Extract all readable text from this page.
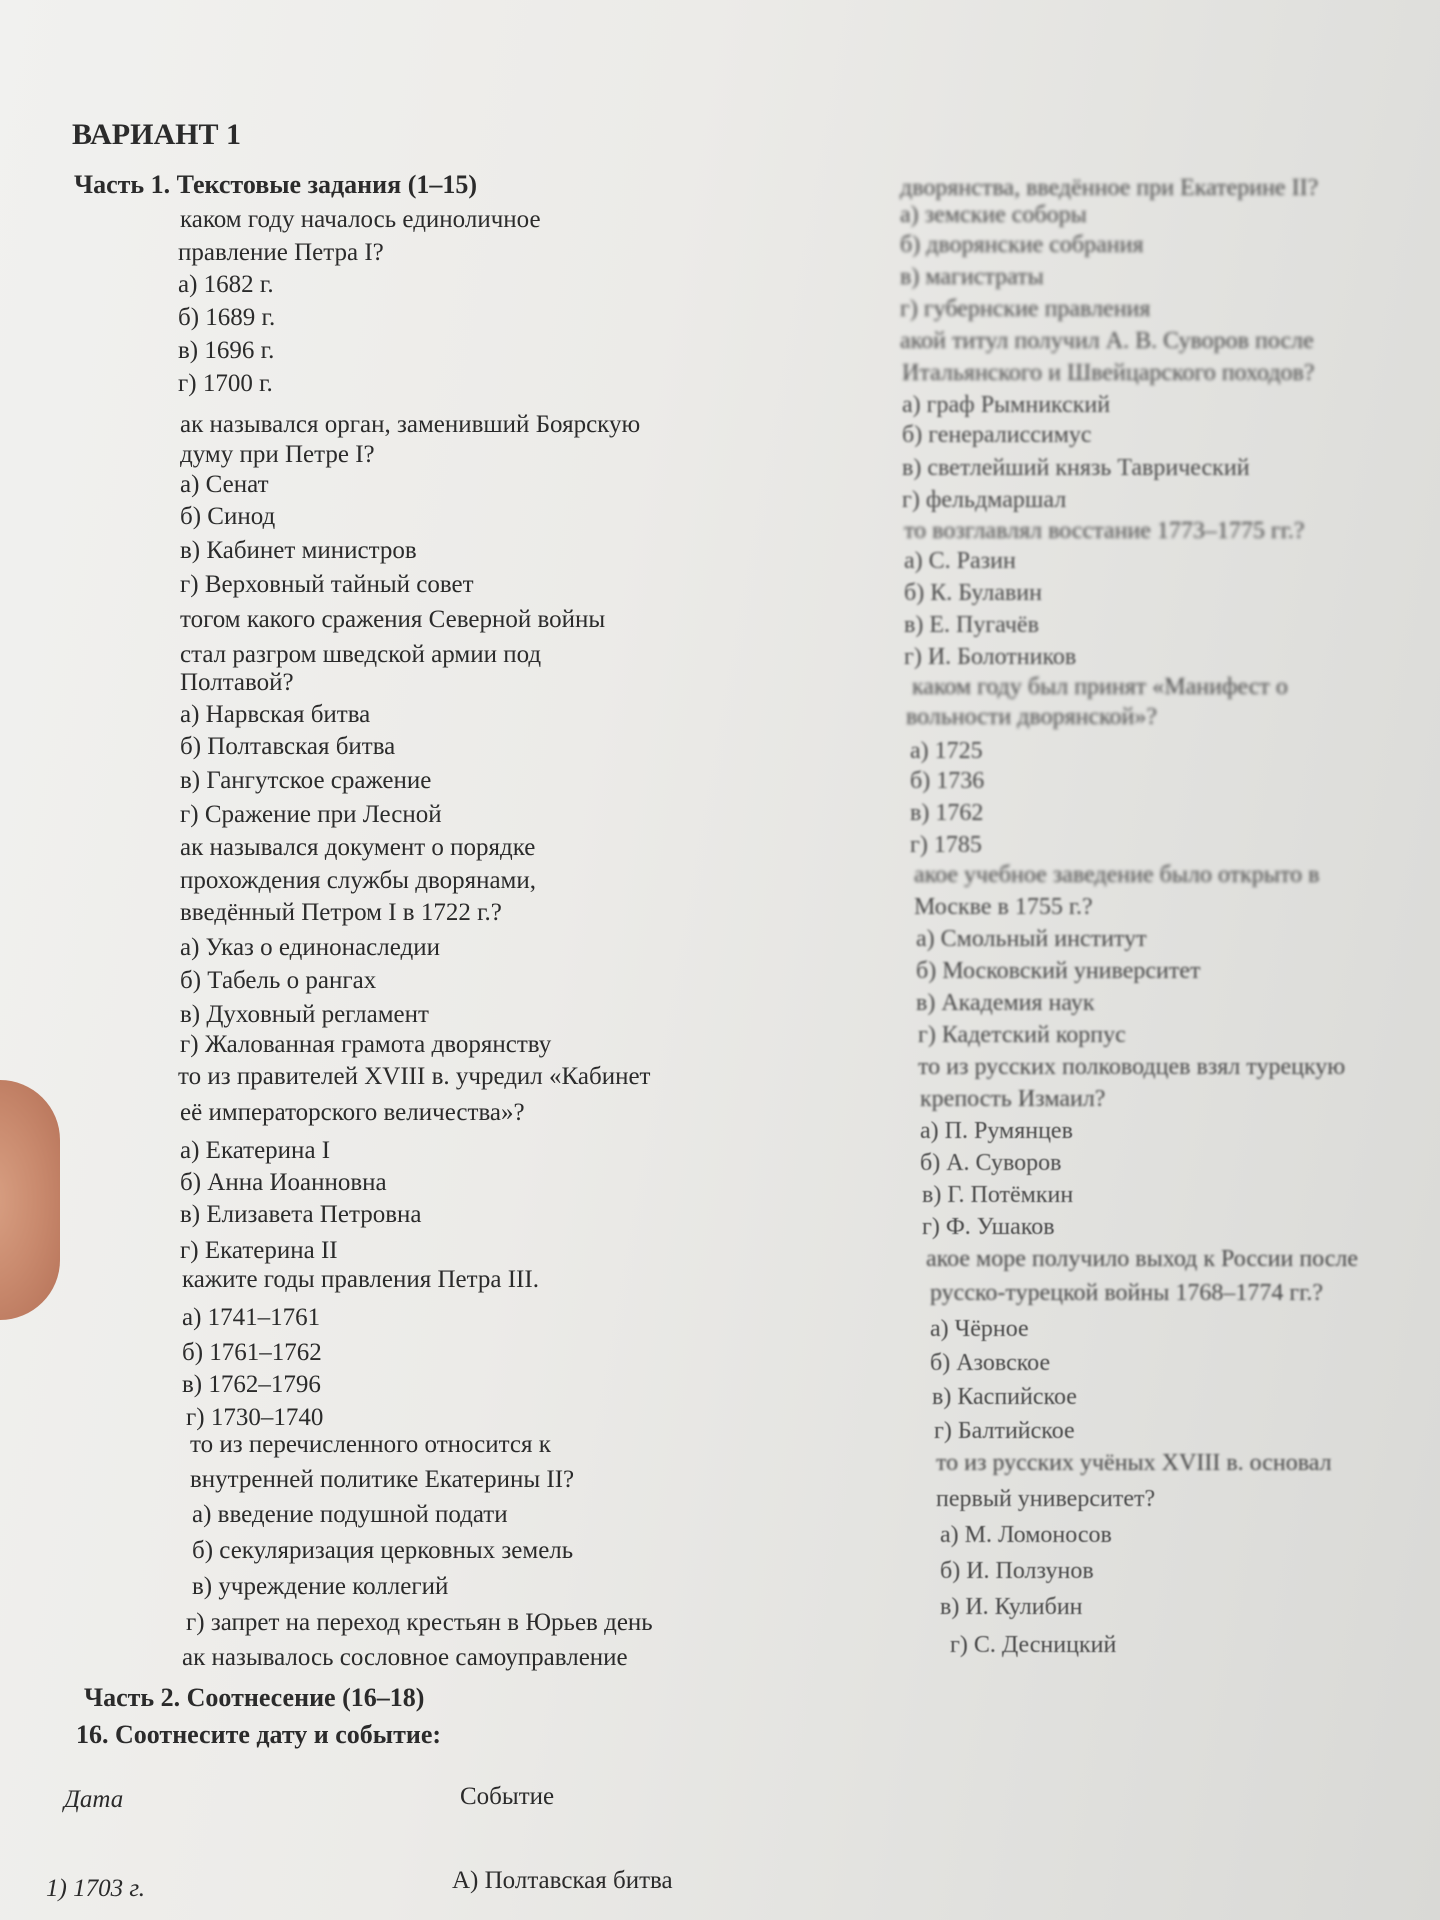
ВАРИАНТ 1
Часть 1. Текстовые задания (1–15)
каком году началось единоличное
правление Петра I?
а) 1682 г.
б) 1689 г.
в) 1696 г.
г) 1700 г.
ак назывался орган, заменивший Боярскую
думу при Петре I?
а) Сенат
б) Синод
в) Кабинет министров
г) Верховный тайный совет
тогом какого сражения Северной войны
стал разгром шведской армии под
Полтавой?
а) Нарвская битва
б) Полтавская битва
в) Гангутское сражение
г) Сражение при Лесной
ак назывался документ о порядке
прохождения службы дворянами,
введённый Петром I в 1722 г.?
а) Указ о единонаследии
б) Табель о рангах
в) Духовный регламент
г) Жалованная грамота дворянству
то из правителей XVIII в. учредил «Кабинет
её императорского величества»?
а) Екатерина I
б) Анна Иоанновна
в) Елизавета Петровна
г) Екатерина II
кажите годы правления Петра III.
а) 1741–1761
б) 1761–1762
в) 1762–1796
г) 1730–1740
то из перечисленного относится к
внутренней политике Екатерины II?
а) введение подушной подати
б) секуляризация церковных земель
в) учреждение коллегий
г) запрет на переход крестьян в Юрьев день
ак называлось сословное самоуправление
Часть 2. Соотнесение (16–18)
16. Соотнесите дату и событие:
Дата	Событие
1) 1703 г.	А) Полтавская битва
дворянства, введённое при Екатерине II?
а) земские соборы
б) дворянские собрания
в) магистраты
г) губернские правления
акой титул получил А. В. Суворов после
Итальянского и Швейцарского походов?
а) граф Рымникский
б) генералиссимус
в) светлейший князь Таврический
г) фельдмаршал
то возглавлял восстание 1773–1775 гг.?
а) С. Разин
б) К. Булавин
в) Е. Пугачёв
г) И. Болотников
каком году был принят «Манифест о
вольности дворянской»?
а) 1725
б) 1736
в) 1762
г) 1785
акое учебное заведение было открыто в
Москве в 1755 г.?
а) Смольный институт
б) Московский университет
в) Академия наук
г) Кадетский корпус
то из русских полководцев взял турецкую
крепость Измаил?
а) П. Румянцев
б) А. Суворов
в) Г. Потёмкин
г) Ф. Ушаков
акое море получило выход к России после
русско-турецкой войны 1768–1774 гг.?
а) Чёрное
б) Азовское
в) Каспийское
г) Балтийское
то из русских учёных XVIII в. основал
первый университет?
а) М. Ломоносов
б) И. Ползунов
в) И. Кулибин
г) С. Десницкий
